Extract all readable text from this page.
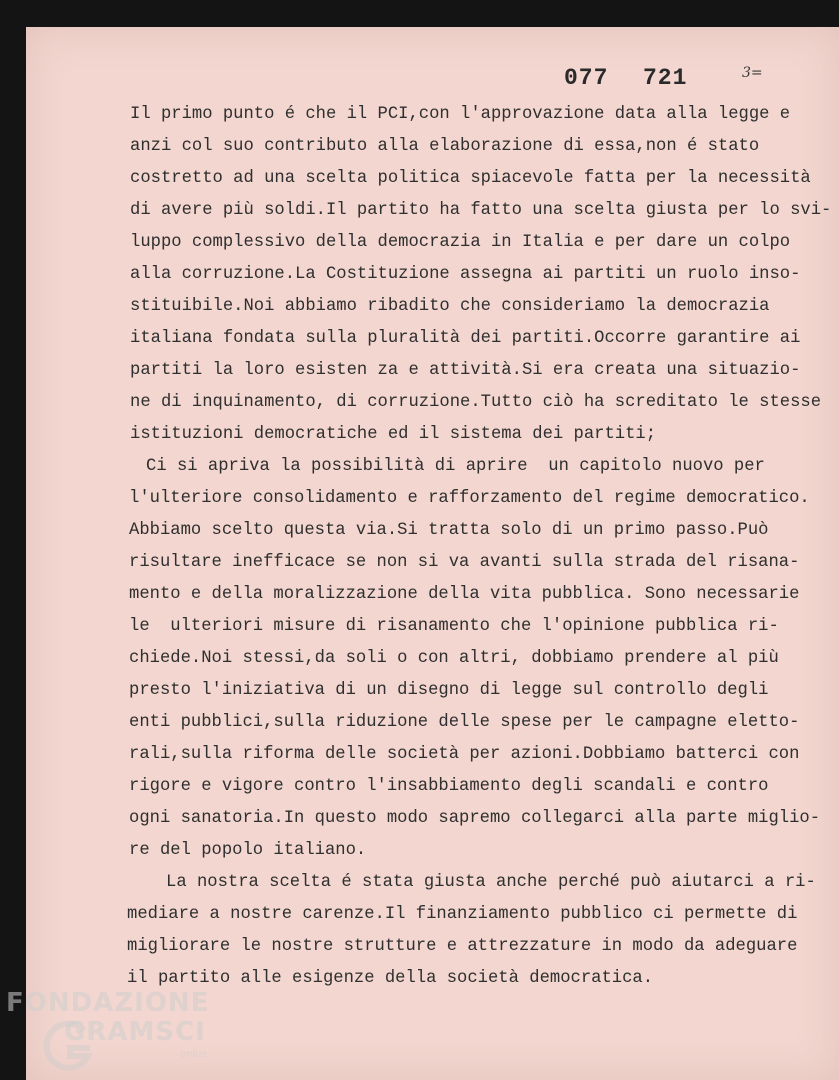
077 721	3=
Il primo punto é che il PCI,con l'approvazione data alla legge e
anzi col suo contributo alla elaborazione di essa,non é stato
costretto ad una scelta politica spiacevole fatta per la necessità
di avere più soldi.Il partito ha fatto una scelta giusta per lo svi-
luppo complessivo della democrazia in Italia e per dare un colpo
alla corruzione.La Costituzione assegna ai partiti un ruolo inso-
stituibile.Noi abbiamo ribadito che consideriamo la democrazia
italiana fondata sulla pluralità dei partiti.Occorre garantire ai
partiti la loro esisten za e attività.Si era creata una situazio-
ne di inquinamento, di corruzione.Tutto ciò ha screditato le stesse
istituzioni democratiche ed il sistema dei partiti;
Ci si apriva la possibilità di aprire  un capitolo nuovo per
l'ulteriore consolidamento e rafforzamento del regime democratico.
Abbiamo scelto questa via.Si tratta solo di un primo passo.Può
risultare inefficace se non si va avanti sulla strada del risana-
mento e della moralizzazione della vita pubblica. Sono necessarie
le  ulteriori misure di risanamento che l'opinione pubblica ri-
chiede.Noi stessi,da soli o con altri, dobbiamo prendere al più
presto l'iniziativa di un disegno di legge sul controllo degli
enti pubblici,sulla riduzione delle spese per le campagne eletto-
rali,sulla riforma delle società per azioni.Dobbiamo batterci con
rigore e vigore contro l'insabbiamento degli scandali e contro
ogni sanatoria.In questo modo sapremo collegarci alla parte miglio-
re del popolo italiano.
La nostra scelta é stata giusta anche perché può aiutarci a ri-
mediare a nostre carenze.Il finanziamento pubblico ci permette di
migliorare le nostre strutture e attrezzature in modo da adeguare
il partito alle esigenze della società democratica.
FONDAZIONE
GRAMSCI
onlus
